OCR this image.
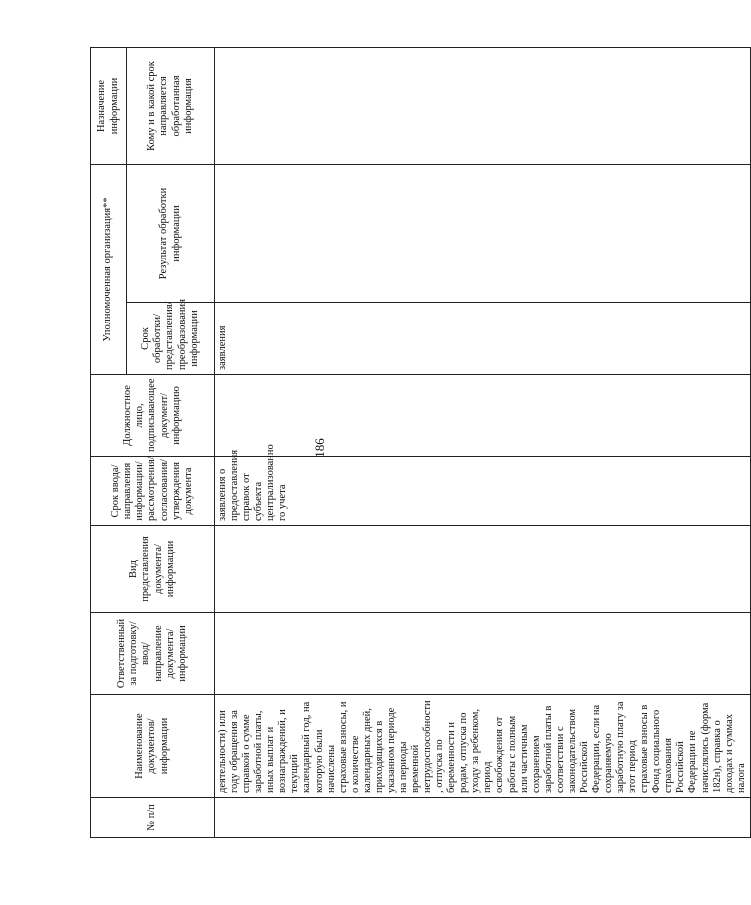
186
№ п/п	Наименование документов/информации	Ответственный за подготовку/ ввод/ направление документа/ информации	Вид представления документа/ информации	Срок ввода/ направления информации/ рассмотрения/ согласования/ утверждения документа	Должностное лицо, подписывающее документ/ информацию	Уполномоченная организация**		Назначение информации
						Срок обработки/ представления/ преобразования информации	Результат обработки информации	Кому и в какой срок направляется обработанная информация
	деятельности) или году обращения за справкой о сумме заработной платы, иных выплат и вознаграждений, и текущий календарный год, на которую были начислены страховые взносы, и о количестве календарных дней, приходящихся в указанном периоде на периоды временной нетрудоспособности, отпуска по беременности и родам, отпуска по уходу за ребенком, период освобождения от работы с полным или частичным сохранением заработной платы в соответствии с законодательством Российской Федерации, если на сохраняемую заработную плату за этот период страховые взносы в Фонд социального страхования Российской Федерации не начислялись (форма 182н), справка о доходах и суммах налога			заявления о предоставления справок от субъекта централизованно го учета		заявления		
